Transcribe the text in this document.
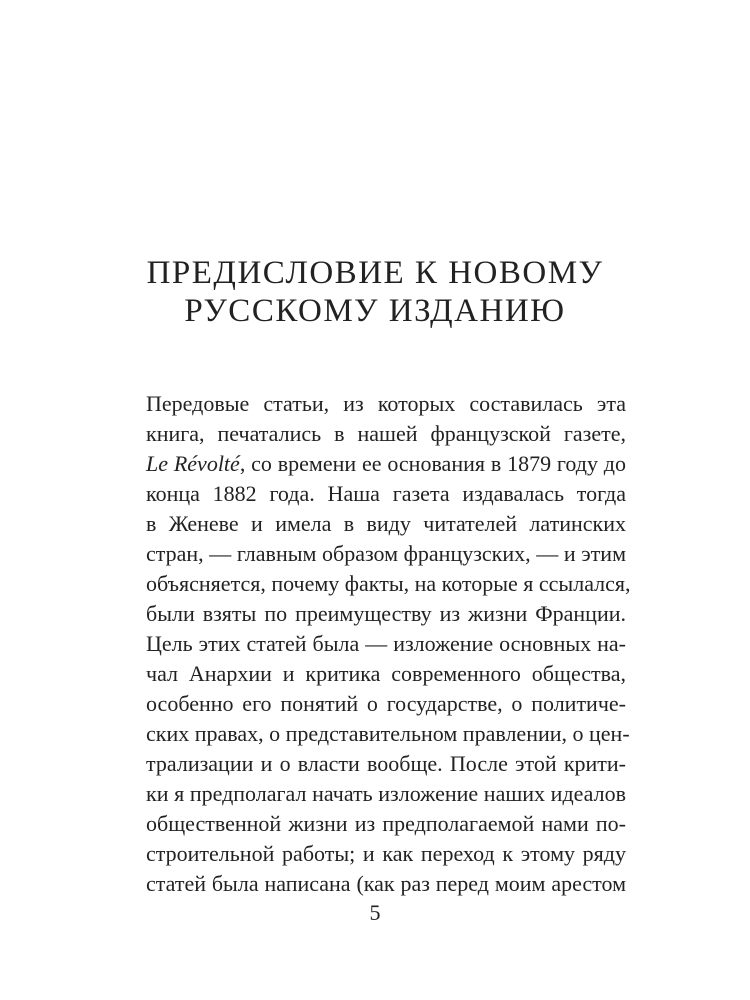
ПРЕДИСЛОВИЕ К НОВОМУ
РУССКОМУ ИЗДАНИЮ
Передовые статьи, из которых составилась эта
книга, печатались в нашей французской газете,
Le Révolté, со времени ее основания в 1879 году до
конца 1882 года. Наша газета издавалась тогда
в Женеве и имела в виду читателей латинских
стран, — главным образом французских, — и этим
объясняется, почему факты, на которые я ссылался,
были взяты по преимуществу из жизни Франции.
Цель этих статей была — изложение основных на-
чал Анархии и критика современного общества,
особенно его понятий о государстве, о политиче-
ских правах, о представительном правлении, о цен-
трализации и о власти вообще. После этой крити-
ки я предполагал начать изложение наших идеалов
общественной жизни из предполагаемой нами по-
строительной работы; и как переход к этому ряду
статей была написана (как раз перед моим арестом
5
